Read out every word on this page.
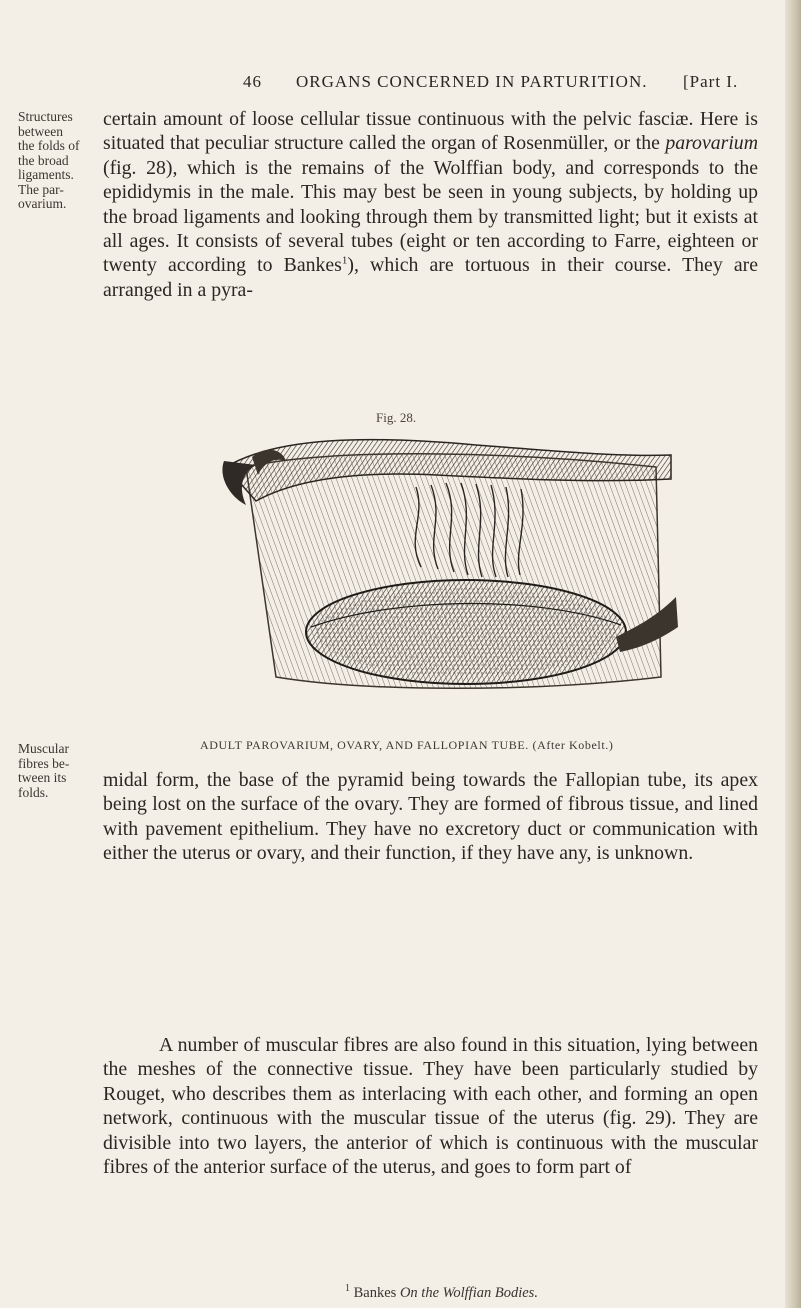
46 ORGANS CONCERNED IN PARTURITION. [Part I.
Structures
between
the folds of
the broad
ligaments.
The par-
ovarium.
Muscular
fibres be-
tween its
folds.

certain amount of loose cellular tissue continuous with the pelvic fasciæ. Here is situated that peculiar structure called the organ of Rosenmüller, or the parovarium (fig. 28), which is the remains of the Wolffian body, and corresponds to the epididymis in the male. This may best be seen in young subjects, by holding up the broad ligaments and looking through them by transmitted light; but it exists at all ages. It consists of several tubes (eight or ten according to Farre, eighteen or twenty according to Bankes$^1$), which are tortuous in their course. They are arranged in a pyra-

Fig. 28.
ADULT PAROVARIUM, OVARY, AND FALLOPIAN TUBE. (After Kobelt.)

midal form, the base of the pyramid being towards the Fallopian tube, its apex being lost on the surface of the ovary. They are formed of fibrous tissue, and lined with pavement epithelium. They have no excretory duct or communication with either the uterus or ovary, and their function, if they have any, is unknown.

A number of muscular fibres are also found in this situation, lying between the meshes of the connective tissue. They have been particularly studied by Rouget, who describes them as interlacing with each other, and forming an open network, continuous with the muscular tissue of the uterus (fig. 29). They are divisible into two layers, the anterior of which is continuous with the muscular fibres of the anterior surface of the uterus, and goes to form part of

$^1$ Bankes On the Wolffian Bodies.
